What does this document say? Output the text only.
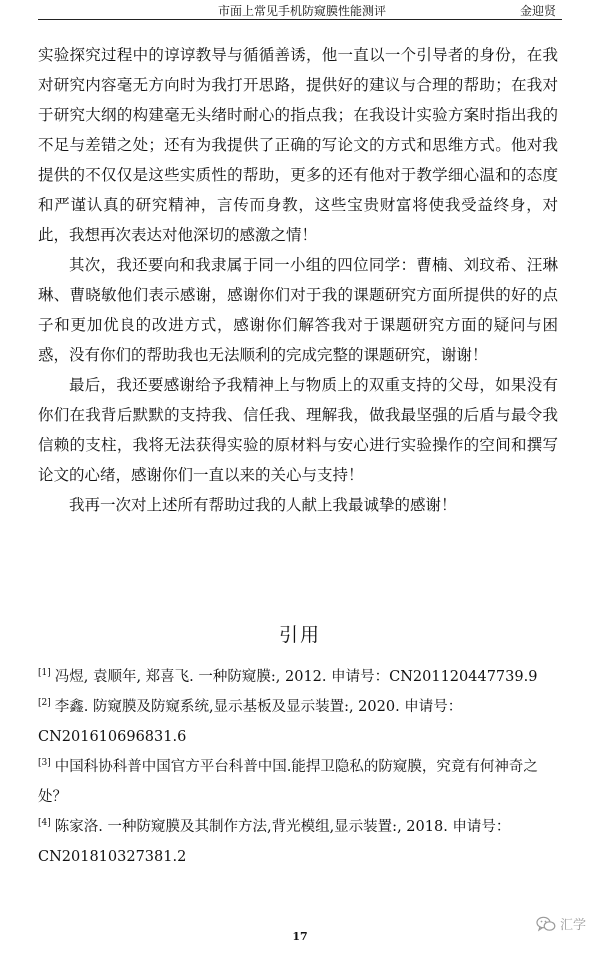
市面上常见手机防窥膜性能测评	金迎贤

实验探究过程中的谆谆教导与循循善诱，他一直以一个引导者的身份，在我对研究内容毫无方向时为我打开思路，提供好的建议与合理的帮助；在我对于研究大纲的构建毫无头绪时耐心的指点我；在我设计实验方案时指出我的不足与差错之处；还有为我提供了正确的写论文的方式和思维方式。他对我提供的不仅仅是这些实质性的帮助，更多的还有他对于教学细心温和的态度和严谨认真的研究精神，言传而身教，这些宝贵财富将使我受益终身，对此，我想再次表达对他深切的感激之情！

其次，我还要向和我隶属于同一小组的四位同学：曹楠、刘玟希、汪琳琳、曹晓敏他们表示感谢，感谢你们对于我的课题研究方面所提供的好的点子和更加优良的改进方式，感谢你们解答我对于课题研究方面的疑问与困惑，没有你们的帮助我也无法顺利的完成完整的课题研究，谢谢！

最后，我还要感谢给予我精神上与物质上的双重支持的父母，如果没有你们在我背后默默的支持我、信任我、理解我，做我最坚强的后盾与最令我信赖的支柱，我将无法获得实验的原材料与安心进行实验操作的空间和撰写论文的心绪，感谢你们一直以来的关心与支持！

我再一次对上述所有帮助过我的人献上我最诚挚的感谢！

引用

[1] 冯煜, 袁顺年, 郑喜飞. 一种防窥膜:, 2012. 申请号：CN201120447739.9

[2] 李鑫. 防窥膜及防窥系统,显示基板及显示装置:, 2020. 申请号：CN201610696831.6

[3] 中国科协科普中国官方平台科普中国.能捍卫隐私的防窥膜，究竟有何神奇之处？

[4] 陈家洛. 一种防窥膜及其制作方法,背光模组,显示装置:, 2018. 申请号：CN201810327381.2

17
汇学
